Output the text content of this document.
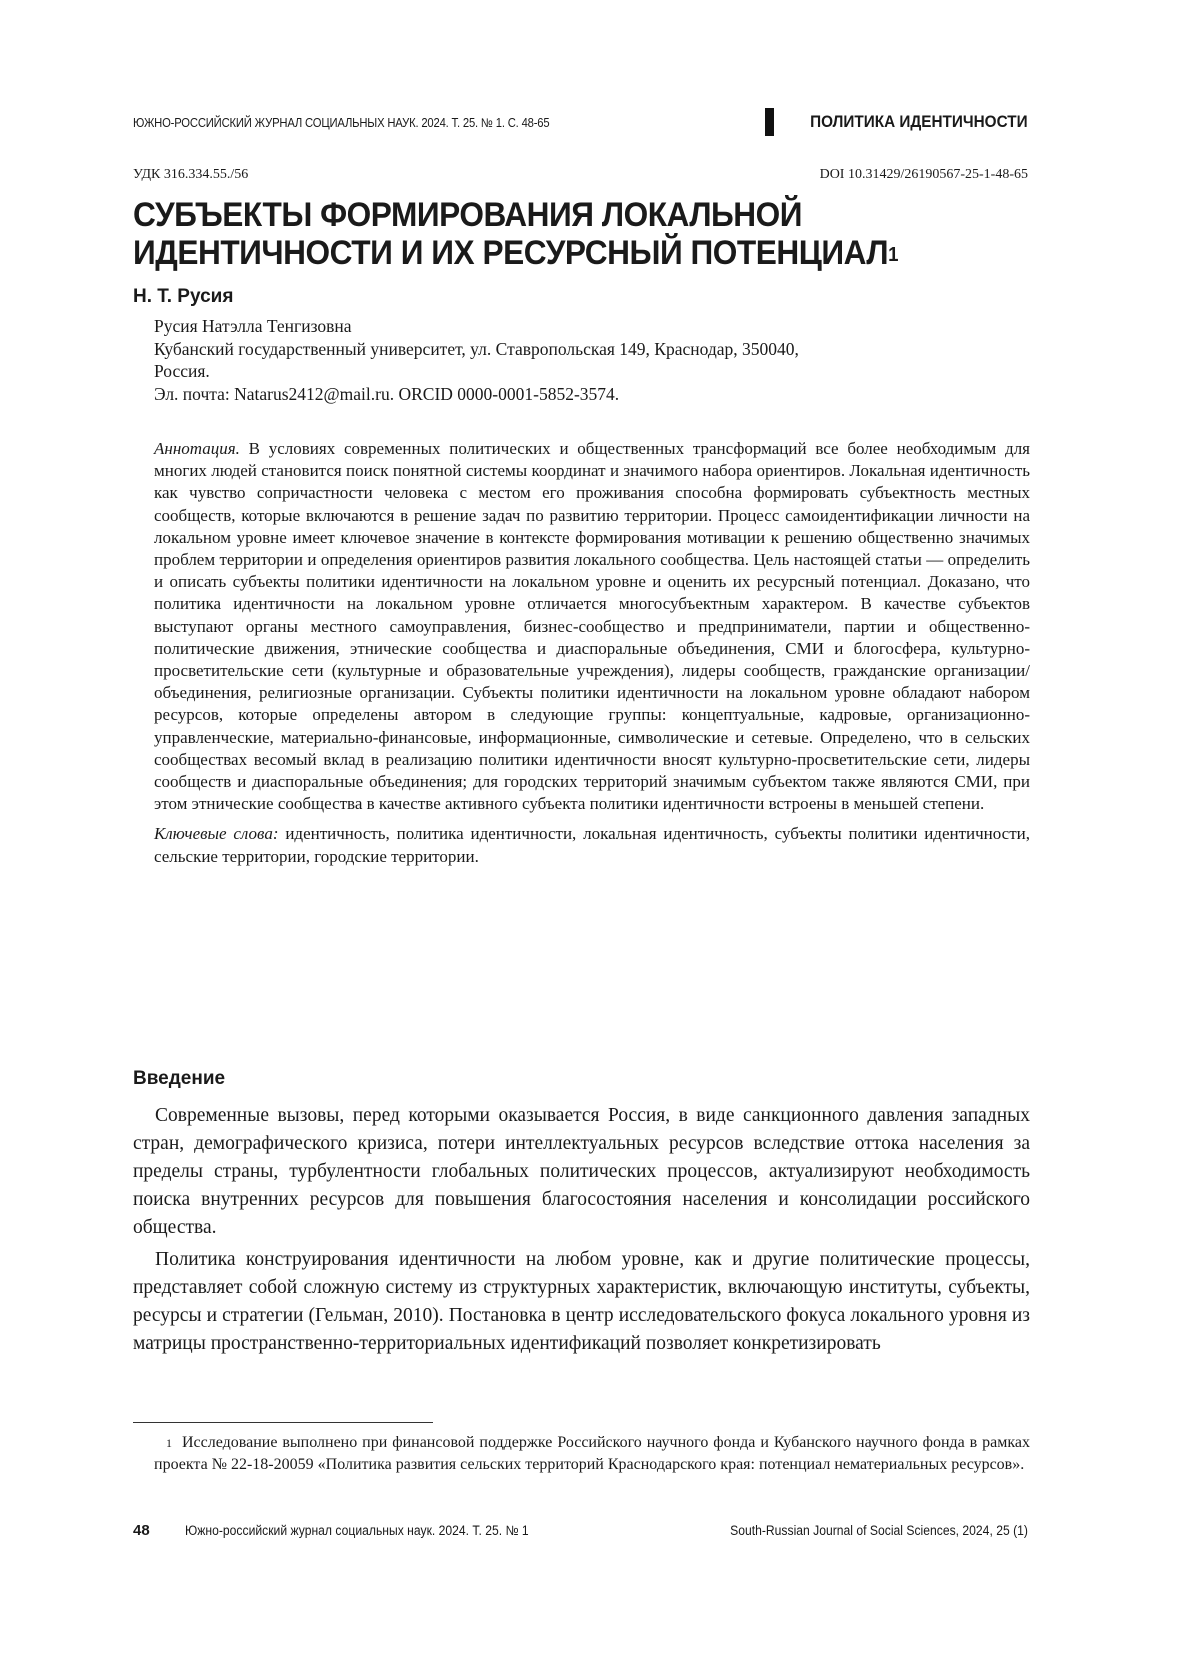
ЮЖНО-РОССИЙСКИЙ ЖУРНАЛ СОЦИАЛЬНЫХ НАУК. 2024. Т. 25. № 1. С. 48-65	ПОЛИТИКА ИДЕНТИЧНОСТИ
УДК 316.334.55./56	DOI 10.31429/26190567-25-1-48-65
СУБЪЕКТЫ ФОРМИРОВАНИЯ ЛОКАЛЬНОЙ
ИДЕНТИЧНОСТИ И ИХ РЕСУРСНЫЙ ПОТЕНЦИАЛ$^1$
Н. Т. Русия
Русия Натэлла Тенгизовна
Кубанский государственный университет, ул. Ставропольская 149, Краснодар, 350040,
Россия.
Эл. почта: Natarus2412@mail.ru. ORCID 0000-0001-5852-3574.

Аннотация. В условиях современных политических и общественных трансформаций все более необходимым для многих людей становится поиск понятной системы координат и значимого набора ориентиров. Локальная идентичность как чувство сопричастности человека с местом его проживания способна формировать субъектность местных сообществ, которые включаются в решение задач по развитию территории. Процесс самоидентификации личности на локальном уровне имеет ключевое значение в контексте формирования мотивации к решению общественно значимых проблем территории и определения ориентиров развития локального сообщества. Цель настоящей статьи — определить и описать субъекты политики идентичности на локальном уровне и оценить их ресурсный потенциал. Доказано, что политика идентичности на локальном уровне отличается многосубъектным характером. В качестве субъектов выступают органы местного самоуправления, бизнес-сообщество и предприниматели, партии и общественно-политические движения, этнические сообщества и диаспоральные объединения, СМИ и блогосфера, культурно-просветительские сети (культурные и образовательные учреждения), лидеры сообществ, гражданские организации/объединения, религиозные организации. Субъекты политики идентичности на локальном уровне обладают набором ресурсов, которые определены автором в следующие группы: концептуальные, кадровые, организационно-управленческие, материально-финансовые, информационные, символические и сетевые. Определено, что в сельских сообществах весомый вклад в реализацию политики идентичности вносят культурно-просветительские сети, лидеры сообществ и диаспоральные объединения; для городских территорий значимым субъектом также являются СМИ, при этом этнические сообщества в качестве активного субъекта политики идентичности встроены в меньшей степени.

Ключевые слова: идентичность, политика идентичности, локальная идентичность, субъекты политики идентичности, сельские территории, городские территории.

Введение

Современные вызовы, перед которыми оказывается Россия, в виде санкционного давления западных стран, демографического кризиса, потери интеллектуальных ресурсов вследствие оттока населения за пределы страны, турбулентности глобальных политических процессов, актуализируют необходимость поиска внутренних ресурсов для повышения благосостояния населения и консолидации российского общества.

Политика конструирования идентичности на любом уровне, как и другие политические процессы, представляет собой сложную систему из структурных характеристик, включающую институты, субъекты, ресурсы и стратегии (Гельман, 2010). Постановка в центр исследовательского фокуса локального уровня из матрицы пространственно-территориальных идентификаций позволяет конкретизировать

$^1$ Исследование выполнено при финансовой поддержке Российского научного фонда и Кубанского научного фонда в рамках проекта № 22-18-20059 «Политика развития сельских территорий Краснодарского края: потенциал нематериальных ресурсов».
48	Южно-российский журнал социальных наук. 2024. Т. 25. № 1	South-Russian Journal of Social Sciences, 2024, 25 (1)
